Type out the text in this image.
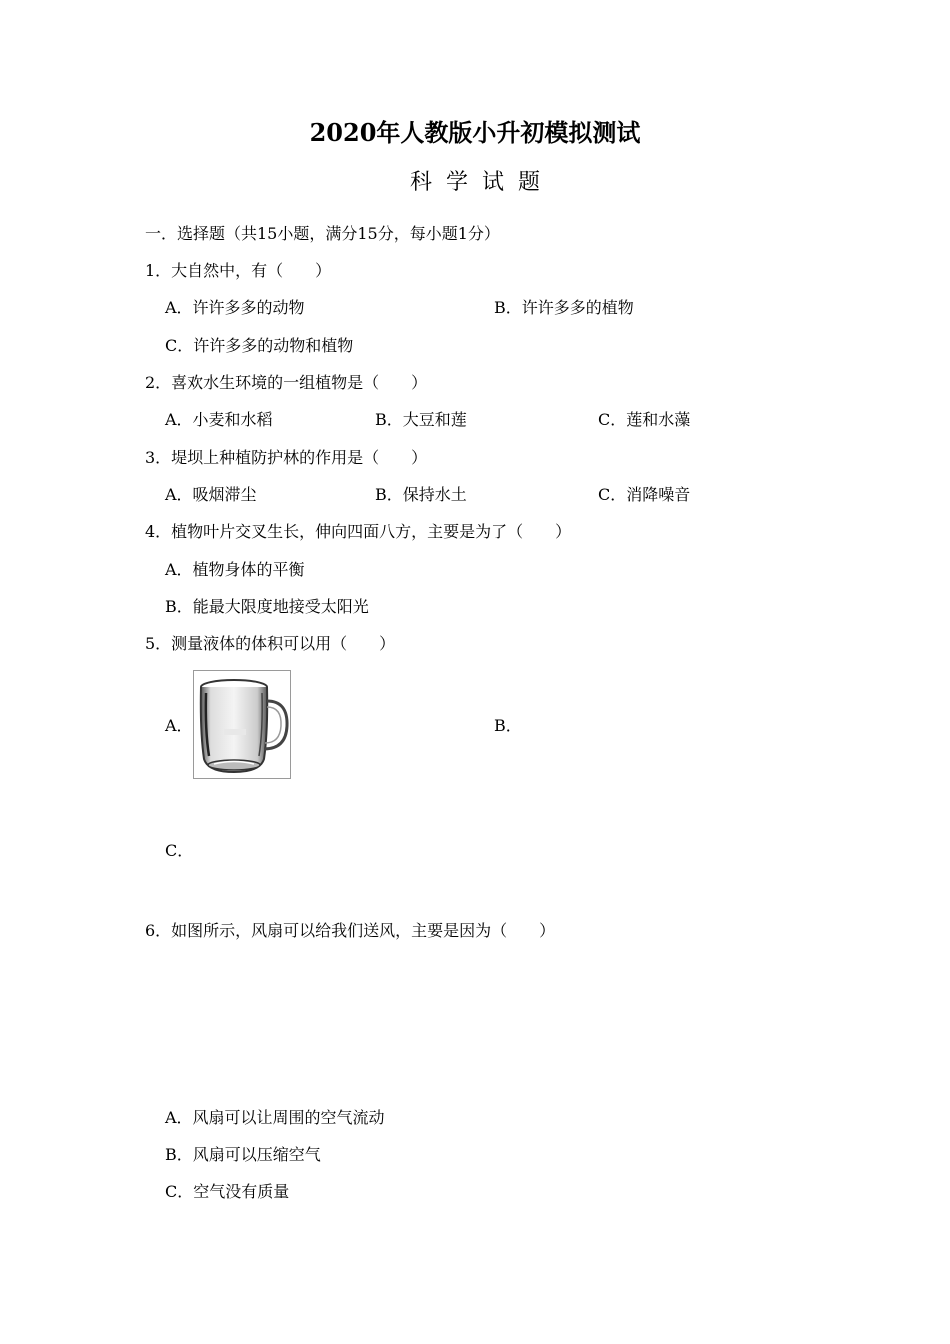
2020年人教版小升初模拟测试
科学试题
一．选择题（共15小题，满分15分，每小题1分）
1．大自然中，有（　　）
A．许许多多的动物	B．许许多多的植物
C．许许多多的动物和植物
2．喜欢水生环境的一组植物是（　　）
A．小麦和水稻	B．大豆和莲	C．莲和水藻
3．堤坝上种植防护林的作用是（　　）
A．吸烟滞尘	B．保持水土	C．消降噪音
4．植物叶片交叉生长，伸向四面八方，主要是为了（　　）
A．植物身体的平衡
B．能最大限度地接受太阳光
5．测量液体的体积可以用（　　）
A．	B．
C．
6．如图所示，风扇可以给我们送风，主要是因为（　　）
A．风扇可以让周围的空气流动
B．风扇可以压缩空气
C．空气没有质量
